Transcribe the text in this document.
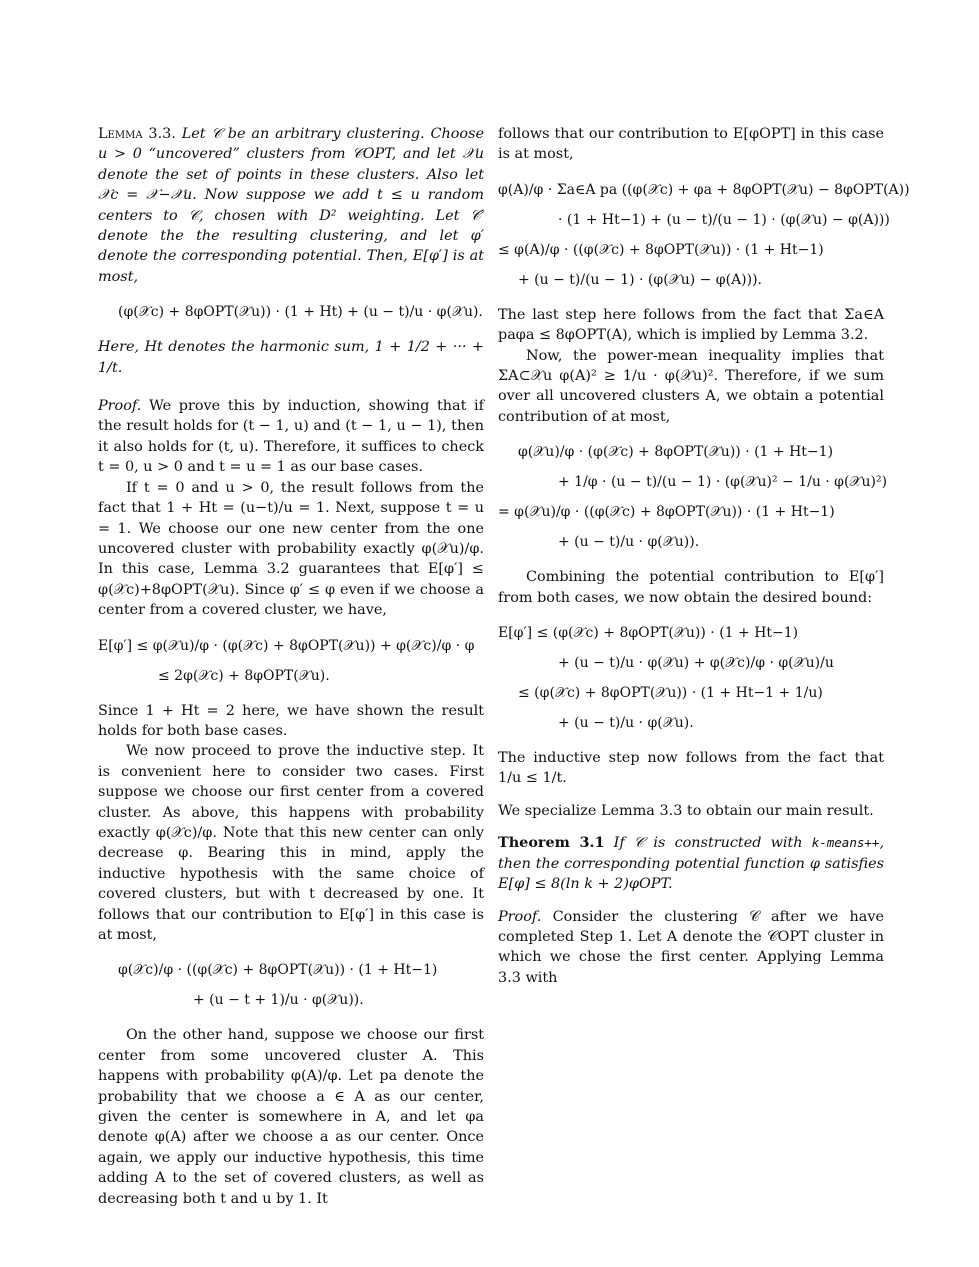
Lemma 3.3. Let 𝒞 be an arbitrary clustering. Choose u > 0 “uncovered” clusters from 𝒞OPT, and let 𝒳u denote the set of points in these clusters. Also let 𝒳c = 𝒳−𝒳u. Now suppose we add t ≤ u random centers to 𝒞, chosen with D² weighting. Let 𝒞′ denote the the resulting clustering, and let φ′ denote the corresponding potential. Then, E[φ′] is at most,

(φ(𝒳c) + 8φOPT(𝒳u)) · (1 + Ht) + (u − t)/u · φ(𝒳u).

Here, Ht denotes the harmonic sum, 1 + 1/2 + ··· + 1/t.

Proof. We prove this by induction, showing that if the result holds for (t − 1, u) and (t − 1, u − 1), then it also holds for (t, u). Therefore, it suffices to check t = 0, u > 0 and t = u = 1 as our base cases.

If t = 0 and u > 0, the result follows from the fact that 1 + Ht = (u−t)/u = 1. Next, suppose t = u = 1. We choose our one new center from the one uncovered cluster with probability exactly φ(𝒳u)/φ. In this case, Lemma 3.2 guarantees that E[φ′] ≤ φ(𝒳c)+8φOPT(𝒳u). Since φ′ ≤ φ even if we choose a center from a covered cluster, we have,

E[φ′] ≤ φ(𝒳u)/φ · (φ(𝒳c) + 8φOPT(𝒳u)) + φ(𝒳c)/φ · φ
≤ 2φ(𝒳c) + 8φOPT(𝒳u).

Since 1 + Ht = 2 here, we have shown the result holds for both base cases.

We now proceed to prove the inductive step. It is convenient here to consider two cases. First suppose we choose our first center from a covered cluster. As above, this happens with probability exactly φ(𝒳c)/φ. Note that this new center can only decrease φ. Bearing this in mind, apply the inductive hypothesis with the same choice of covered clusters, but with t decreased by one. It follows that our contribution to E[φ′] in this case is at most,

φ(𝒳c)/φ · ((φ(𝒳c) + 8φOPT(𝒳u)) · (1 + Ht−1)
+ (u − t + 1)/u · φ(𝒳u)).

On the other hand, suppose we choose our first center from some uncovered cluster A. This happens with probability φ(A)/φ. Let pa denote the probability that we choose a ∈ A as our center, given the center is somewhere in A, and let φa denote φ(A) after we choose a as our center. Once again, we apply our inductive hypothesis, this time adding A to the set of covered clusters, as well as decreasing both t and u by 1. It

follows that our contribution to E[φOPT] in this case is at most,

φ(A)/φ · Σa∈A pa ((φ(𝒳c) + φa + 8φOPT(𝒳u) − 8φOPT(A))
· (1 + Ht−1) + (u − t)/(u − 1) · (φ(𝒳u) − φ(A)))
≤ φ(A)/φ · ((φ(𝒳c) + 8φOPT(𝒳u)) · (1 + Ht−1)
+ (u − t)/(u − 1) · (φ(𝒳u) − φ(A))).

The last step here follows from the fact that Σa∈A paφa ≤ 8φOPT(A), which is implied by Lemma 3.2.

Now, the power-mean inequality implies that ΣA⊂𝒳u φ(A)² ≥ 1/u · φ(𝒳u)². Therefore, if we sum over all uncovered clusters A, we obtain a potential contribution of at most,

φ(𝒳u)/φ · (φ(𝒳c) + 8φOPT(𝒳u)) · (1 + Ht−1)
+ 1/φ · (u − t)/(u − 1) · (φ(𝒳u)² − 1/u · φ(𝒳u)²)
= φ(𝒳u)/φ · ((φ(𝒳c) + 8φOPT(𝒳u)) · (1 + Ht−1)
+ (u − t)/u · φ(𝒳u)).

Combining the potential contribution to E[φ′] from both cases, we now obtain the desired bound:

E[φ′] ≤ (φ(𝒳c) + 8φOPT(𝒳u)) · (1 + Ht−1)
+ (u − t)/u · φ(𝒳u) + φ(𝒳c)/φ · φ(𝒳u)/u
≤ (φ(𝒳c) + 8φOPT(𝒳u)) · (1 + Ht−1 + 1/u)
+ (u − t)/u · φ(𝒳u).

The inductive step now follows from the fact that 1/u ≤ 1/t.

We specialize Lemma 3.3 to obtain our main result.

Theorem 3.1 If 𝒞 is constructed with k-means++, then the corresponding potential function φ satisfies E[φ] ≤ 8(ln k + 2)φOPT.

Proof. Consider the clustering 𝒞 after we have completed Step 1. Let A denote the 𝒞OPT cluster in which we chose the first center. Applying Lemma 3.3 with
